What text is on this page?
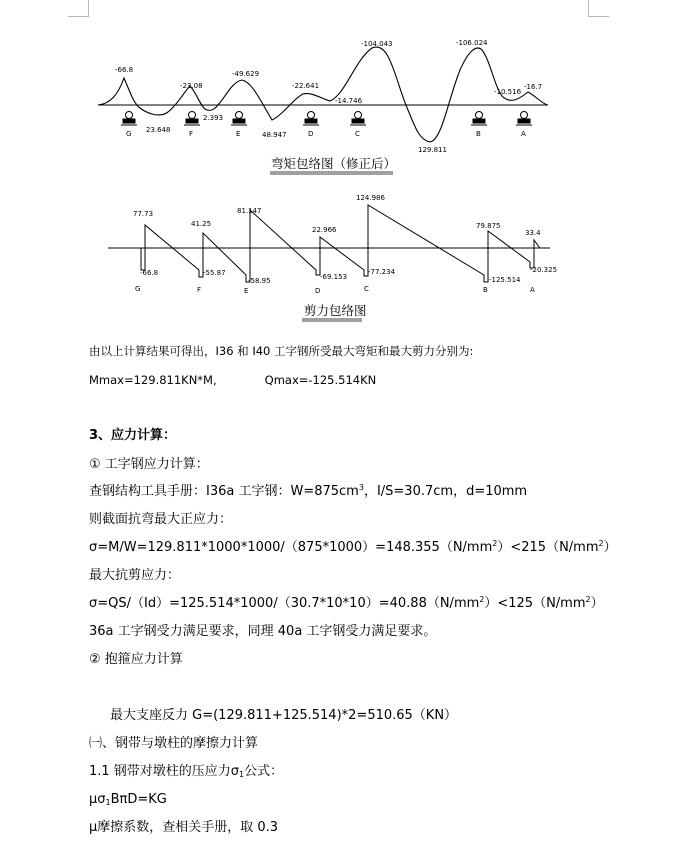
-66.8
23.648
-23.08
2.393
-49.629
48.947
-22.641
-14.746
-104.043
129.811
-106.024
-10.516
-16.7
G	F	E	D	C	B	A
弯矩包络图（修正后）
77.73
-66.8
41.25
-55.87
81.147
-58.95
22.966
-69.153
124.986
-77.234
79.875
-125.514
33.4
-20.325
G	F	E	D	C	B	A
剪力包络图
由以上计算结果可得出，I36 和 I40 工字钢所受最大弯矩和最大剪力分别为:
Mmax=129.811KN*M,	Qmax=-125.514KN
3、应力计算：
① 工字钢应力计算：
查钢结构工具手册：I36a 工字钢：$W=875cm^3$，I/S=30.7cm，d=10mm
则截面抗弯最大正应力：
$\sigma=M/W=129.811*1000*1000/(875*1000)=148.355(N/mm^2)<215(N/mm^2)$
最大抗剪应力：
$\sigma=QS/(Id)=125.514*1000/(30.7*10*10)=40.88(N/mm^2)<125(N/mm^2)$
36a 工字钢受力满足要求，同理 40a 工字钢受力满足要求。
② 抱箍应力计算
最大支座反力 G=(129.811+125.514)*2=510.65（KN）
㈠、钢带与墩柱的摩擦力计算
1.1 钢带对墩柱的压应力$\sigma_1$公式：
$\mu\sigma_1B\pi D=KG$
μ摩擦系数，查相关手册，取 0.3
